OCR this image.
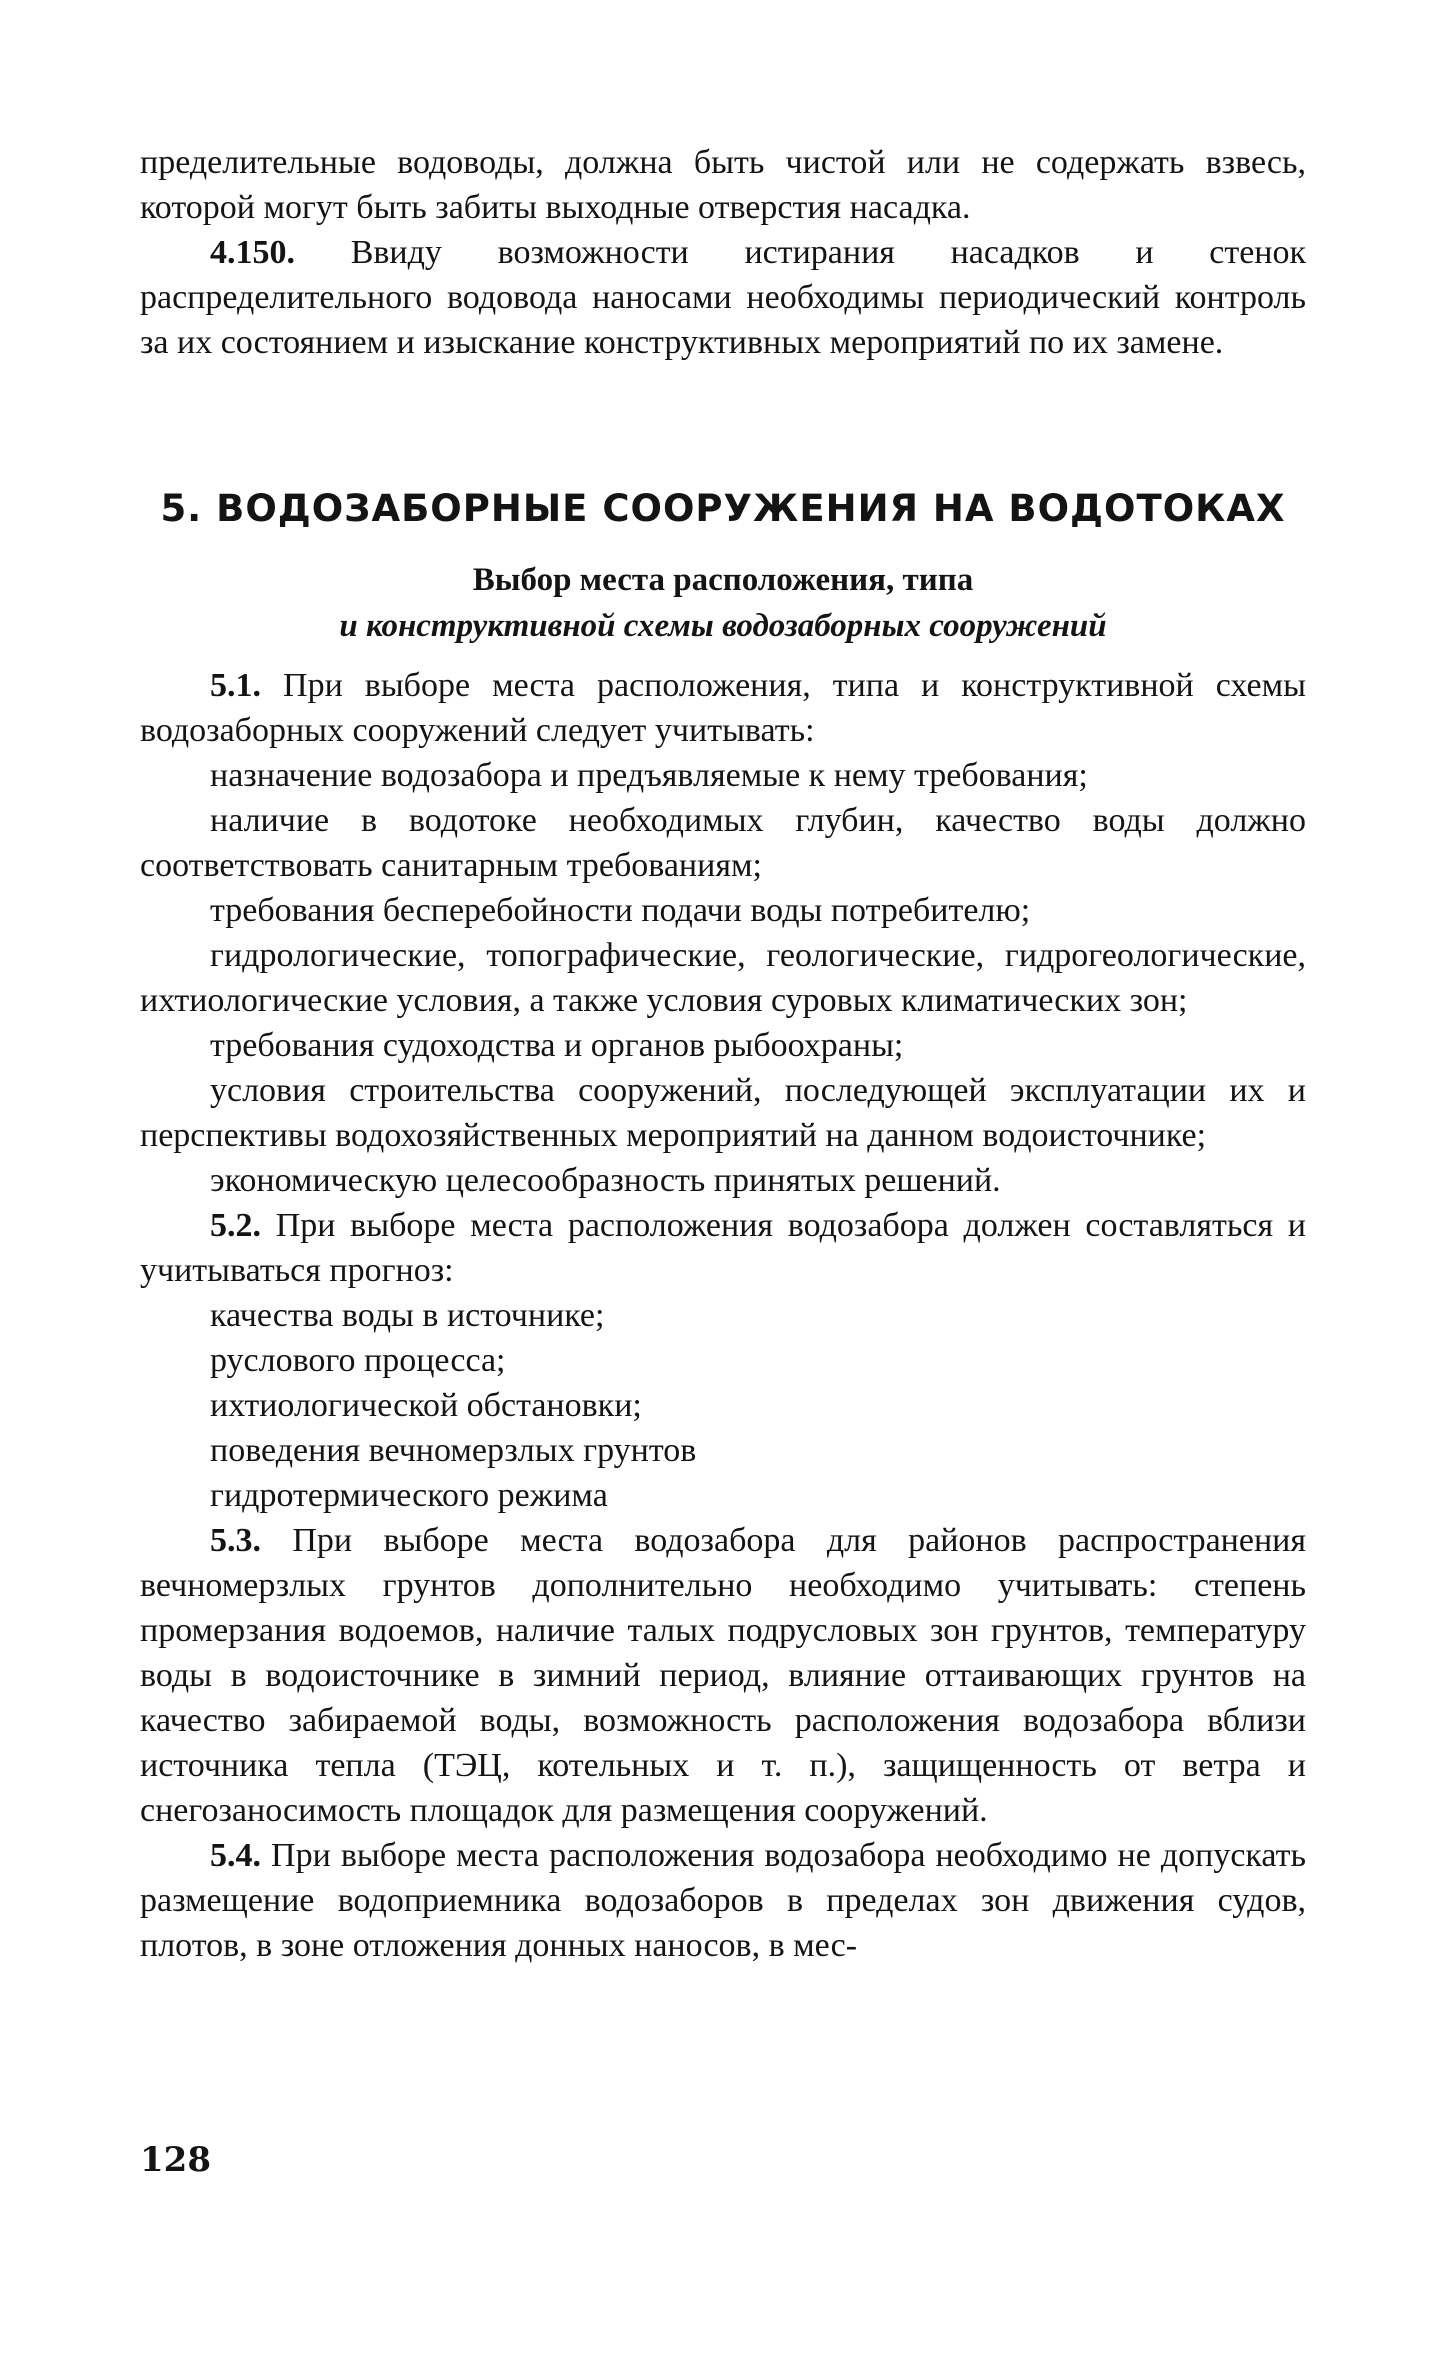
пределительные водоводы, должна быть чистой или не содержать взвесь, которой могут быть забиты выходные отверстия насадка.

4.150. Ввиду возможности истирания насадков и стенок распределительного водовода наносами необходимы периодический контроль за их состоянием и изыскание конструктивных мероприятий по их замене.

5. ВОДОЗАБОРНЫЕ СООРУЖЕНИЯ НА ВОДОТОКАХ
Выбор места расположения, типа
и конструктивной схемы водозаборных сооружений

5.1. При выборе места расположения, типа и конструктивной схемы водозаборных сооружений следует учитывать:

назначение водозабора и предъявляемые к нему требования;

наличие в водотоке необходимых глубин, качество воды должно соответствовать санитарным требованиям;

требования бесперебойности подачи воды потребителю;

гидрологические, топографические, геологические, гидрогеологические, ихтиологические условия, а также условия суровых климатических зон;

требования судоходства и органов рыбоохраны;

условия строительства сооружений, последующей эксплуатации их и перспективы водохозяйственных мероприятий на данном водоисточнике;

экономическую целесообразность принятых решений.

5.2. При выборе места расположения водозабора должен составляться и учитываться прогноз:

качества воды в источнике;

руслового процесса;

ихтиологической обстановки;

поведения вечномерзлых грунтов

гидротермического режима

5.3. При выборе места водозабора для районов распространения вечномерзлых грунтов дополнительно необходимо учитывать: степень промерзания водоемов, наличие талых подрусловых зон грунтов, температуру воды в водоисточнике в зимний период, влияние оттаивающих грунтов на качество забираемой воды, возможность расположения водозабора вблизи источника тепла (ТЭЦ, котельных и т. п.), защищенность от ветра и снегозаносимость площадок для размещения сооружений.

5.4. При выборе места расположения водозабора необходимо не допускать размещение водоприемника водозаборов в пределах зон движения судов, плотов, в зоне отложения донных наносов, в мес-

128
